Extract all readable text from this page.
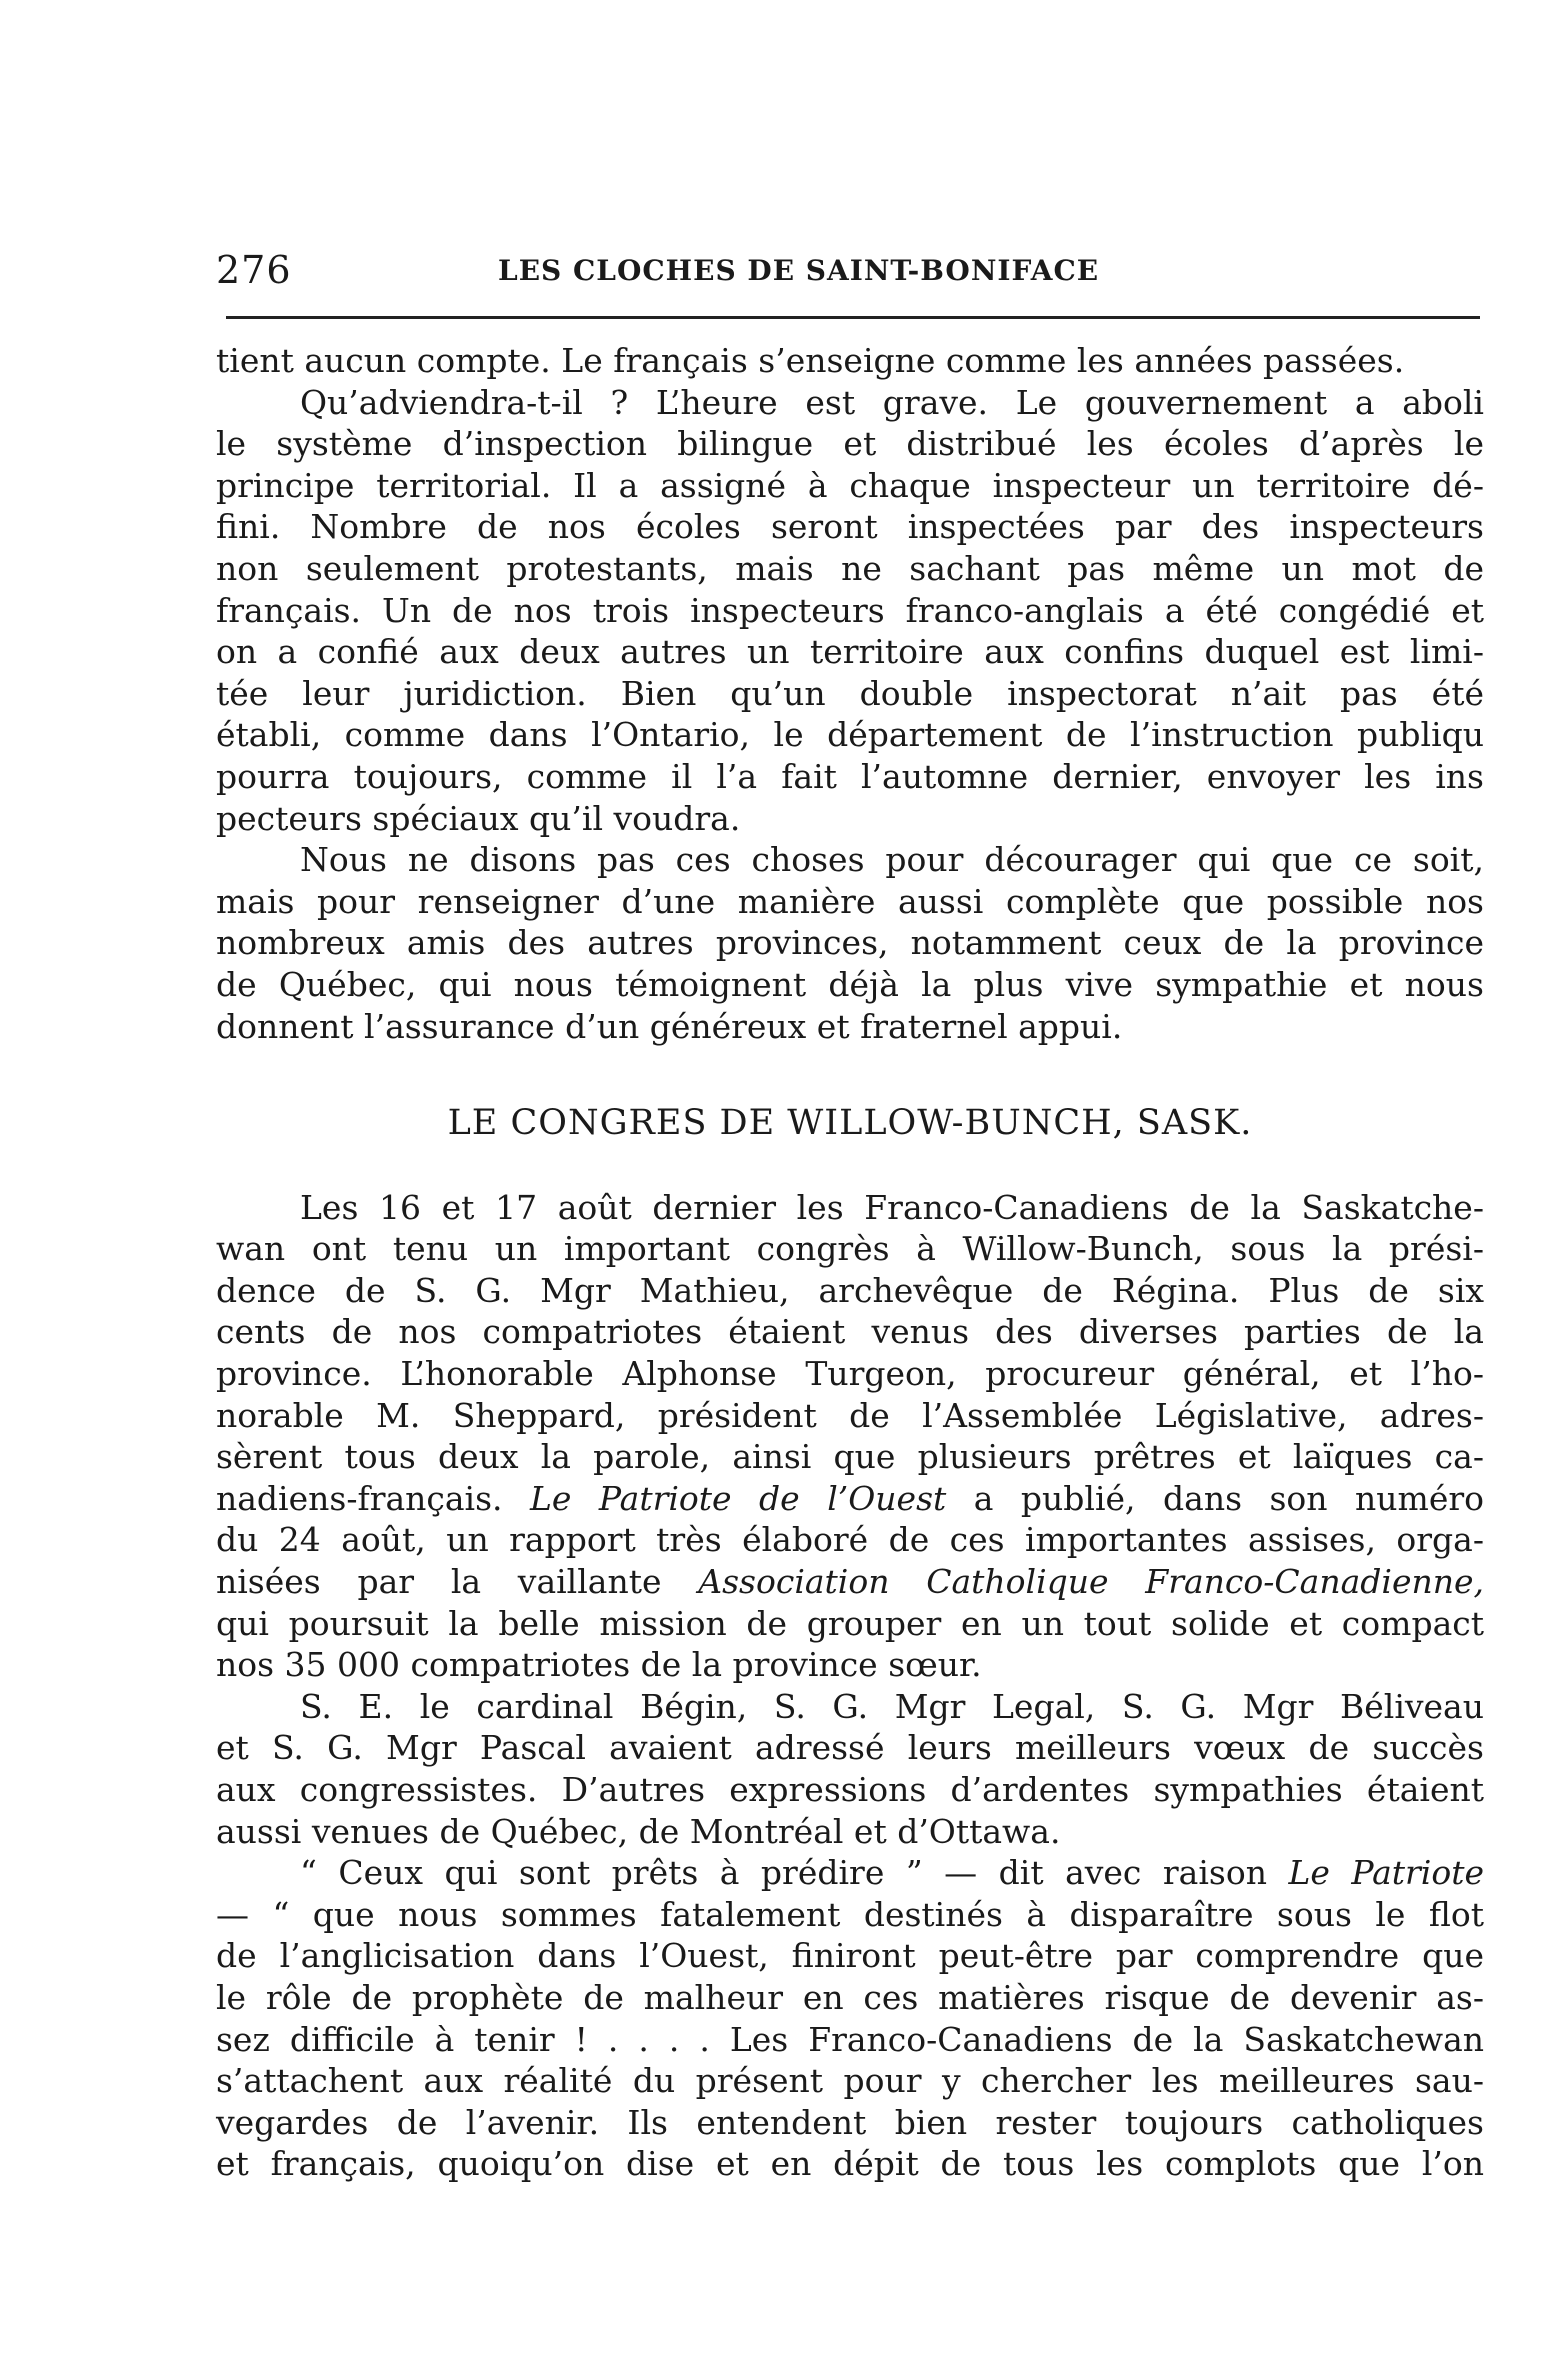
276	LES CLOCHES DE SAINT-BONIFACE

tient aucun compte. Le français s’enseigne comme les années passées.

Qu’adviendra-t-il ? L’heure est grave. Le gouvernement a aboli
le système d’inspection bilingue et distribué les écoles d’après le
principe territorial. Il a assigné à chaque inspecteur un territoire dé-
fini. Nombre de nos écoles seront inspectées par des inspecteurs
non seulement protestants, mais ne sachant pas même un mot de
français. Un de nos trois inspecteurs franco-anglais a été congédié et
on a confié aux deux autres un territoire aux confins duquel est limi-
tée leur juridiction. Bien qu’un double inspectorat n’ait pas été
établi, comme dans l’Ontario, le département de l’instruction publiqu
pourra toujours, comme il l’a fait l’automne dernier, envoyer les ins
pecteurs spéciaux qu’il voudra.

Nous ne disons pas ces choses pour décourager qui que ce soit,
mais pour renseigner d’une manière aussi complète que possible nos
nombreux amis des autres provinces, notamment ceux de la province
de Québec, qui nous témoignent déjà la plus vive sympathie et nous
donnent l’assurance d’un généreux et fraternel appui.

LE CONGRES DE WILLOW-BUNCH, SASK.

Les 16 et 17 août dernier les Franco-Canadiens de la Saskatche-
wan ont tenu un important congrès à Willow-Bunch, sous la prési-
dence de S. G. Mgr Mathieu, archevêque de Régina. Plus de six
cents de nos compatriotes étaient venus des diverses parties de la
province. L’honorable Alphonse Turgeon, procureur général, et l’ho-
norable M. Sheppard, président de l’Assemblée Législative, adres-
sèrent tous deux la parole, ainsi que plusieurs prêtres et laïques ca-
nadiens-français. Le Patriote de l’Ouest a publié, dans son numéro
du 24 août, un rapport très élaboré de ces importantes assises, orga-
nisées par la vaillante Association Catholique Franco-Canadienne,
qui poursuit la belle mission de grouper en un tout solide et compact
nos 35 000 compatriotes de la province sœur.

S. E. le cardinal Bégin, S. G. Mgr Legal, S. G. Mgr Béliveau
et S. G. Mgr Pascal avaient adressé leurs meilleurs vœux de succès
aux congressistes. D’autres expressions d’ardentes sympathies étaient
aussi venues de Québec, de Montréal et d’Ottawa.

“ Ceux qui sont prêts à prédire ” — dit avec raison Le Patriote
— “ que nous sommes fatalement destinés à disparaître sous le flot
de l’anglicisation dans l’Ouest, finiront peut-être par comprendre que
le rôle de prophète de malheur en ces matières risque de devenir as-
sez difficile à tenir ! . . . . Les Franco-Canadiens de la Saskatchewan
s’attachent aux réalité du présent pour y chercher les meilleures sau-
vegardes de l’avenir. Ils entendent bien rester toujours catholiques
et français, quoiqu’on dise et en dépit de tous les complots que l’on
